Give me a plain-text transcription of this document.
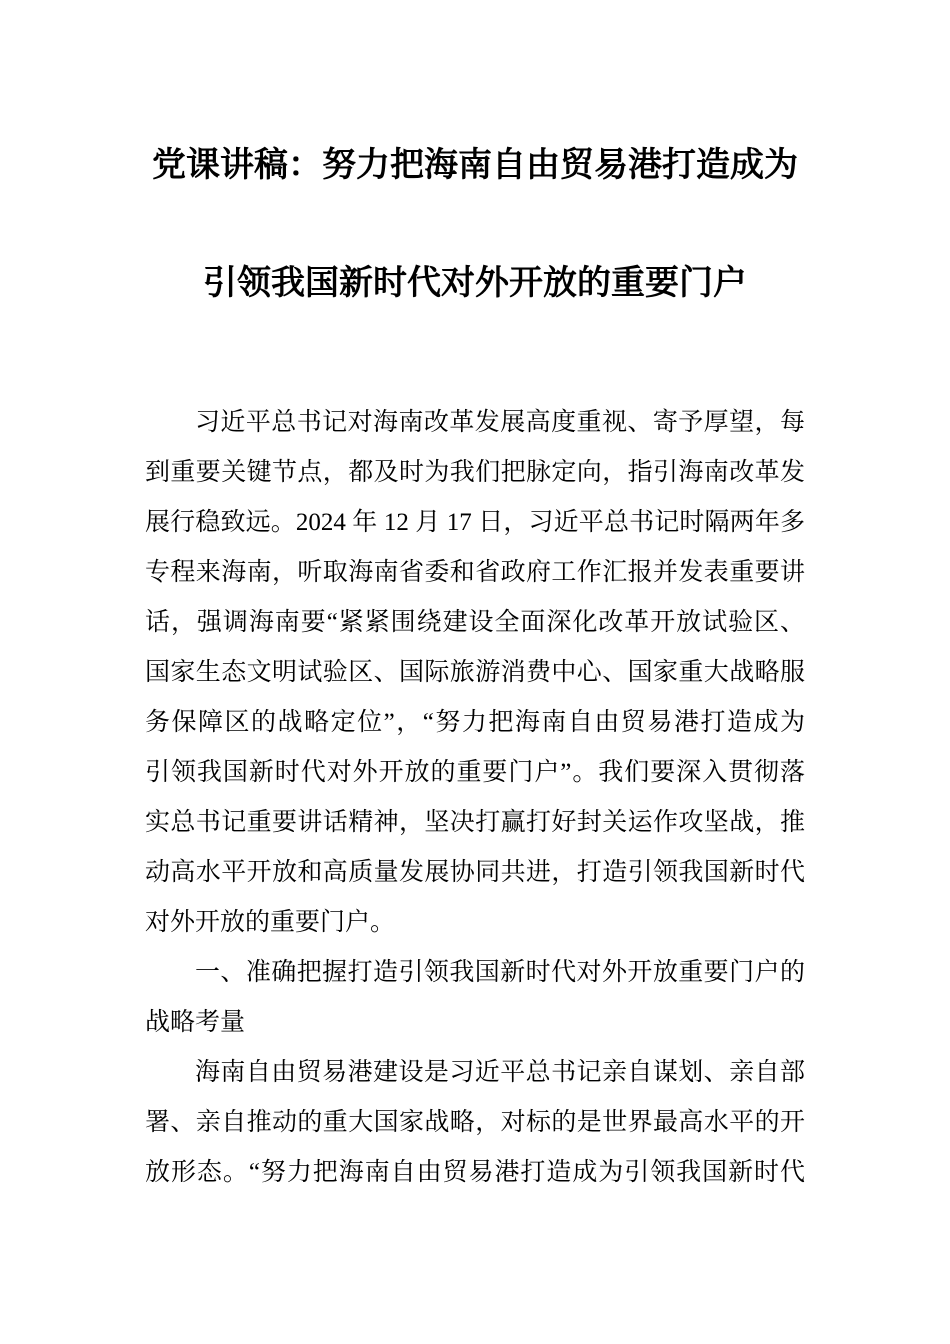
党课讲稿：努力把海南自由贸易港打造成为
引领我国新时代对外开放的重要门户
习近平总书记对海南改革发展高度重视、寄予厚望，每
到重要关键节点，都及时为我们把脉定向，指引海南改革发
展行稳致远。2024 年 12 月 17 日，习近平总书记时隔两年多
专程来海南，听取海南省委和省政府工作汇报并发表重要讲
话，强调海南要“紧紧围绕建设全面深化改革开放试验区、
国家生态文明试验区、国际旅游消费中心、国家重大战略服
务保障区的战略定位”，“努力把海南自由贸易港打造成为
引领我国新时代对外开放的重要门户”。我们要深入贯彻落
实总书记重要讲话精神，坚决打赢打好封关运作攻坚战，推
动高水平开放和高质量发展协同共进，打造引领我国新时代
对外开放的重要门户。
一、准确把握打造引领我国新时代对外开放重要门户的
战略考量
海南自由贸易港建设是习近平总书记亲自谋划、亲自部
署、亲自推动的重大国家战略，对标的是世界最高水平的开
放形态。“努力把海南自由贸易港打造成为引领我国新时代
